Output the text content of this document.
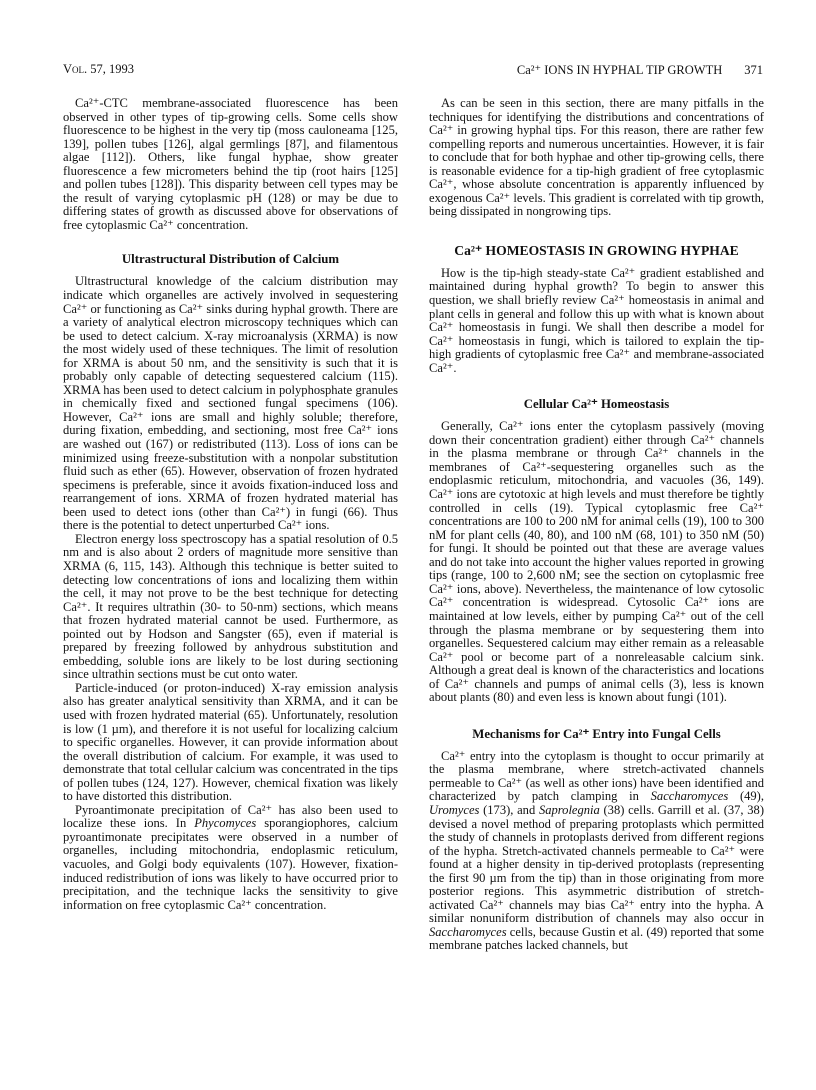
Vol. 57, 1993	Ca²⁺ IONS IN HYPHAL TIP GROWTH 371

Ca²⁺-CTC membrane-associated fluorescence has been observed in other types of tip-growing cells. Some cells show fluorescence to be highest in the very tip (moss cauloneama [125, 139], pollen tubes [126], algal germlings [87], and filamentous algae [112]). Others, like fungal hyphae, show greater fluorescence a few micrometers behind the tip (root hairs [125] and pollen tubes [128]). This disparity between cell types may be the result of varying cytoplasmic pH (128) or may be due to differing states of growth as discussed above for observations of free cytoplasmic Ca²⁺ concentration.

Ultrastructural Distribution of Calcium

Ultrastructural knowledge of the calcium distribution may indicate which organelles are actively involved in sequestering Ca²⁺ or functioning as Ca²⁺ sinks during hyphal growth. There are a variety of analytical electron microscopy techniques which can be used to detect calcium. X-ray microanalysis (XRMA) is now the most widely used of these techniques. The limit of resolution for XRMA is about 50 nm, and the sensitivity is such that it is probably only capable of detecting sequestered calcium (115). XRMA has been used to detect calcium in polyphosphate granules in chemically fixed and sectioned fungal specimens (106). However, Ca²⁺ ions are small and highly soluble; therefore, during fixation, embedding, and sectioning, most free Ca²⁺ ions are washed out (167) or redistributed (113). Loss of ions can be minimized using freeze-substitution with a nonpolar substitution fluid such as ether (65). However, observation of frozen hydrated specimens is preferable, since it avoids fixation-induced loss and rearrangement of ions. XRMA of frozen hydrated material has been used to detect ions (other than Ca²⁺) in fungi (66). Thus there is the potential to detect unperturbed Ca²⁺ ions.

Electron energy loss spectroscopy has a spatial resolution of 0.5 nm and is also about 2 orders of magnitude more sensitive than XRMA (6, 115, 143). Although this technique is better suited to detecting low concentrations of ions and localizing them within the cell, it may not prove to be the best technique for detecting Ca²⁺. It requires ultrathin (30- to 50-nm) sections, which means that frozen hydrated material cannot be used. Furthermore, as pointed out by Hodson and Sangster (65), even if material is prepared by freezing followed by anhydrous substitution and embedding, soluble ions are likely to be lost during sectioning since ultrathin sections must be cut onto water.

Particle-induced (or proton-induced) X-ray emission analysis also has greater analytical sensitivity than XRMA, and it can be used with frozen hydrated material (65). Unfortunately, resolution is low (1 µm), and therefore it is not useful for localizing calcium to specific organelles. However, it can provide information about the overall distribution of calcium. For example, it was used to demonstrate that total cellular calcium was concentrated in the tips of pollen tubes (124, 127). However, chemical fixation was likely to have distorted this distribution.

Pyroantimonate precipitation of Ca²⁺ has also been used to localize these ions. In Phycomyces sporangiophores, calcium pyroantimonate precipitates were observed in a number of organelles, including mitochondria, endoplasmic reticulum, vacuoles, and Golgi body equivalents (107). However, fixation-induced redistribution of ions was likely to have occurred prior to precipitation, and the technique lacks the sensitivity to give information on free cytoplasmic Ca²⁺ concentration.

As can be seen in this section, there are many pitfalls in the techniques for identifying the distributions and concentrations of Ca²⁺ in growing hyphal tips. For this reason, there are rather few compelling reports and numerous uncertainties. However, it is fair to conclude that for both hyphae and other tip-growing cells, there is reasonable evidence for a tip-high gradient of free cytoplasmic Ca²⁺, whose absolute concentration is apparently influenced by exogenous Ca²⁺ levels. This gradient is correlated with tip growth, being dissipated in nongrowing tips.

Ca²⁺ HOMEOSTASIS IN GROWING HYPHAE

How is the tip-high steady-state Ca²⁺ gradient established and maintained during hyphal growth? To begin to answer this question, we shall briefly review Ca²⁺ homeostasis in animal and plant cells in general and follow this up with what is known about Ca²⁺ homeostasis in fungi. We shall then describe a model for Ca²⁺ homeostasis in fungi, which is tailored to explain the tip-high gradients of cytoplasmic free Ca²⁺ and membrane-associated Ca²⁺.

Cellular Ca²⁺ Homeostasis

Generally, Ca²⁺ ions enter the cytoplasm passively (moving down their concentration gradient) either through Ca²⁺ channels in the plasma membrane or through Ca²⁺ channels in the membranes of Ca²⁺-sequestering organelles such as the endoplasmic reticulum, mitochondria, and vacuoles (36, 149). Ca²⁺ ions are cytotoxic at high levels and must therefore be tightly controlled in cells (19). Typical cytoplasmic free Ca²⁺ concentrations are 100 to 200 nM for animal cells (19), 100 to 300 nM for plant cells (40, 80), and 100 nM (68, 101) to 350 nM (50) for fungi. It should be pointed out that these are average values and do not take into account the higher values reported in growing tips (range, 100 to 2,600 nM; see the section on cytoplasmic free Ca²⁺ ions, above). Nevertheless, the maintenance of low cytosolic Ca²⁺ concentration is widespread. Cytosolic Ca²⁺ ions are maintained at low levels, either by pumping Ca²⁺ out of the cell through the plasma membrane or by sequestering them into organelles. Sequestered calcium may either remain as a releasable Ca²⁺ pool or become part of a nonreleasable calcium sink. Although a great deal is known of the characteristics and locations of Ca²⁺ channels and pumps of animal cells (3), less is known about plants (80) and even less is known about fungi (101).

Mechanisms for Ca²⁺ Entry into Fungal Cells

Ca²⁺ entry into the cytoplasm is thought to occur primarily at the plasma membrane, where stretch-activated channels permeable to Ca²⁺ (as well as other ions) have been identified and characterized by patch clamping in Saccharomyces (49), Uromyces (173), and Saprolegnia (38) cells. Garrill et al. (37, 38) devised a novel method of preparing protoplasts which permitted the study of channels in protoplasts derived from different regions of the hypha. Stretch-activated channels permeable to Ca²⁺ were found at a higher density in tip-derived protoplasts (representing the first 90 µm from the tip) than in those originating from more posterior regions. This asymmetric distribution of stretch-activated Ca²⁺ channels may bias Ca²⁺ entry into the hypha. A similar nonuniform distribution of channels may also occur in Saccharomyces cells, because Gustin et al. (49) reported that some membrane patches lacked channels, but
